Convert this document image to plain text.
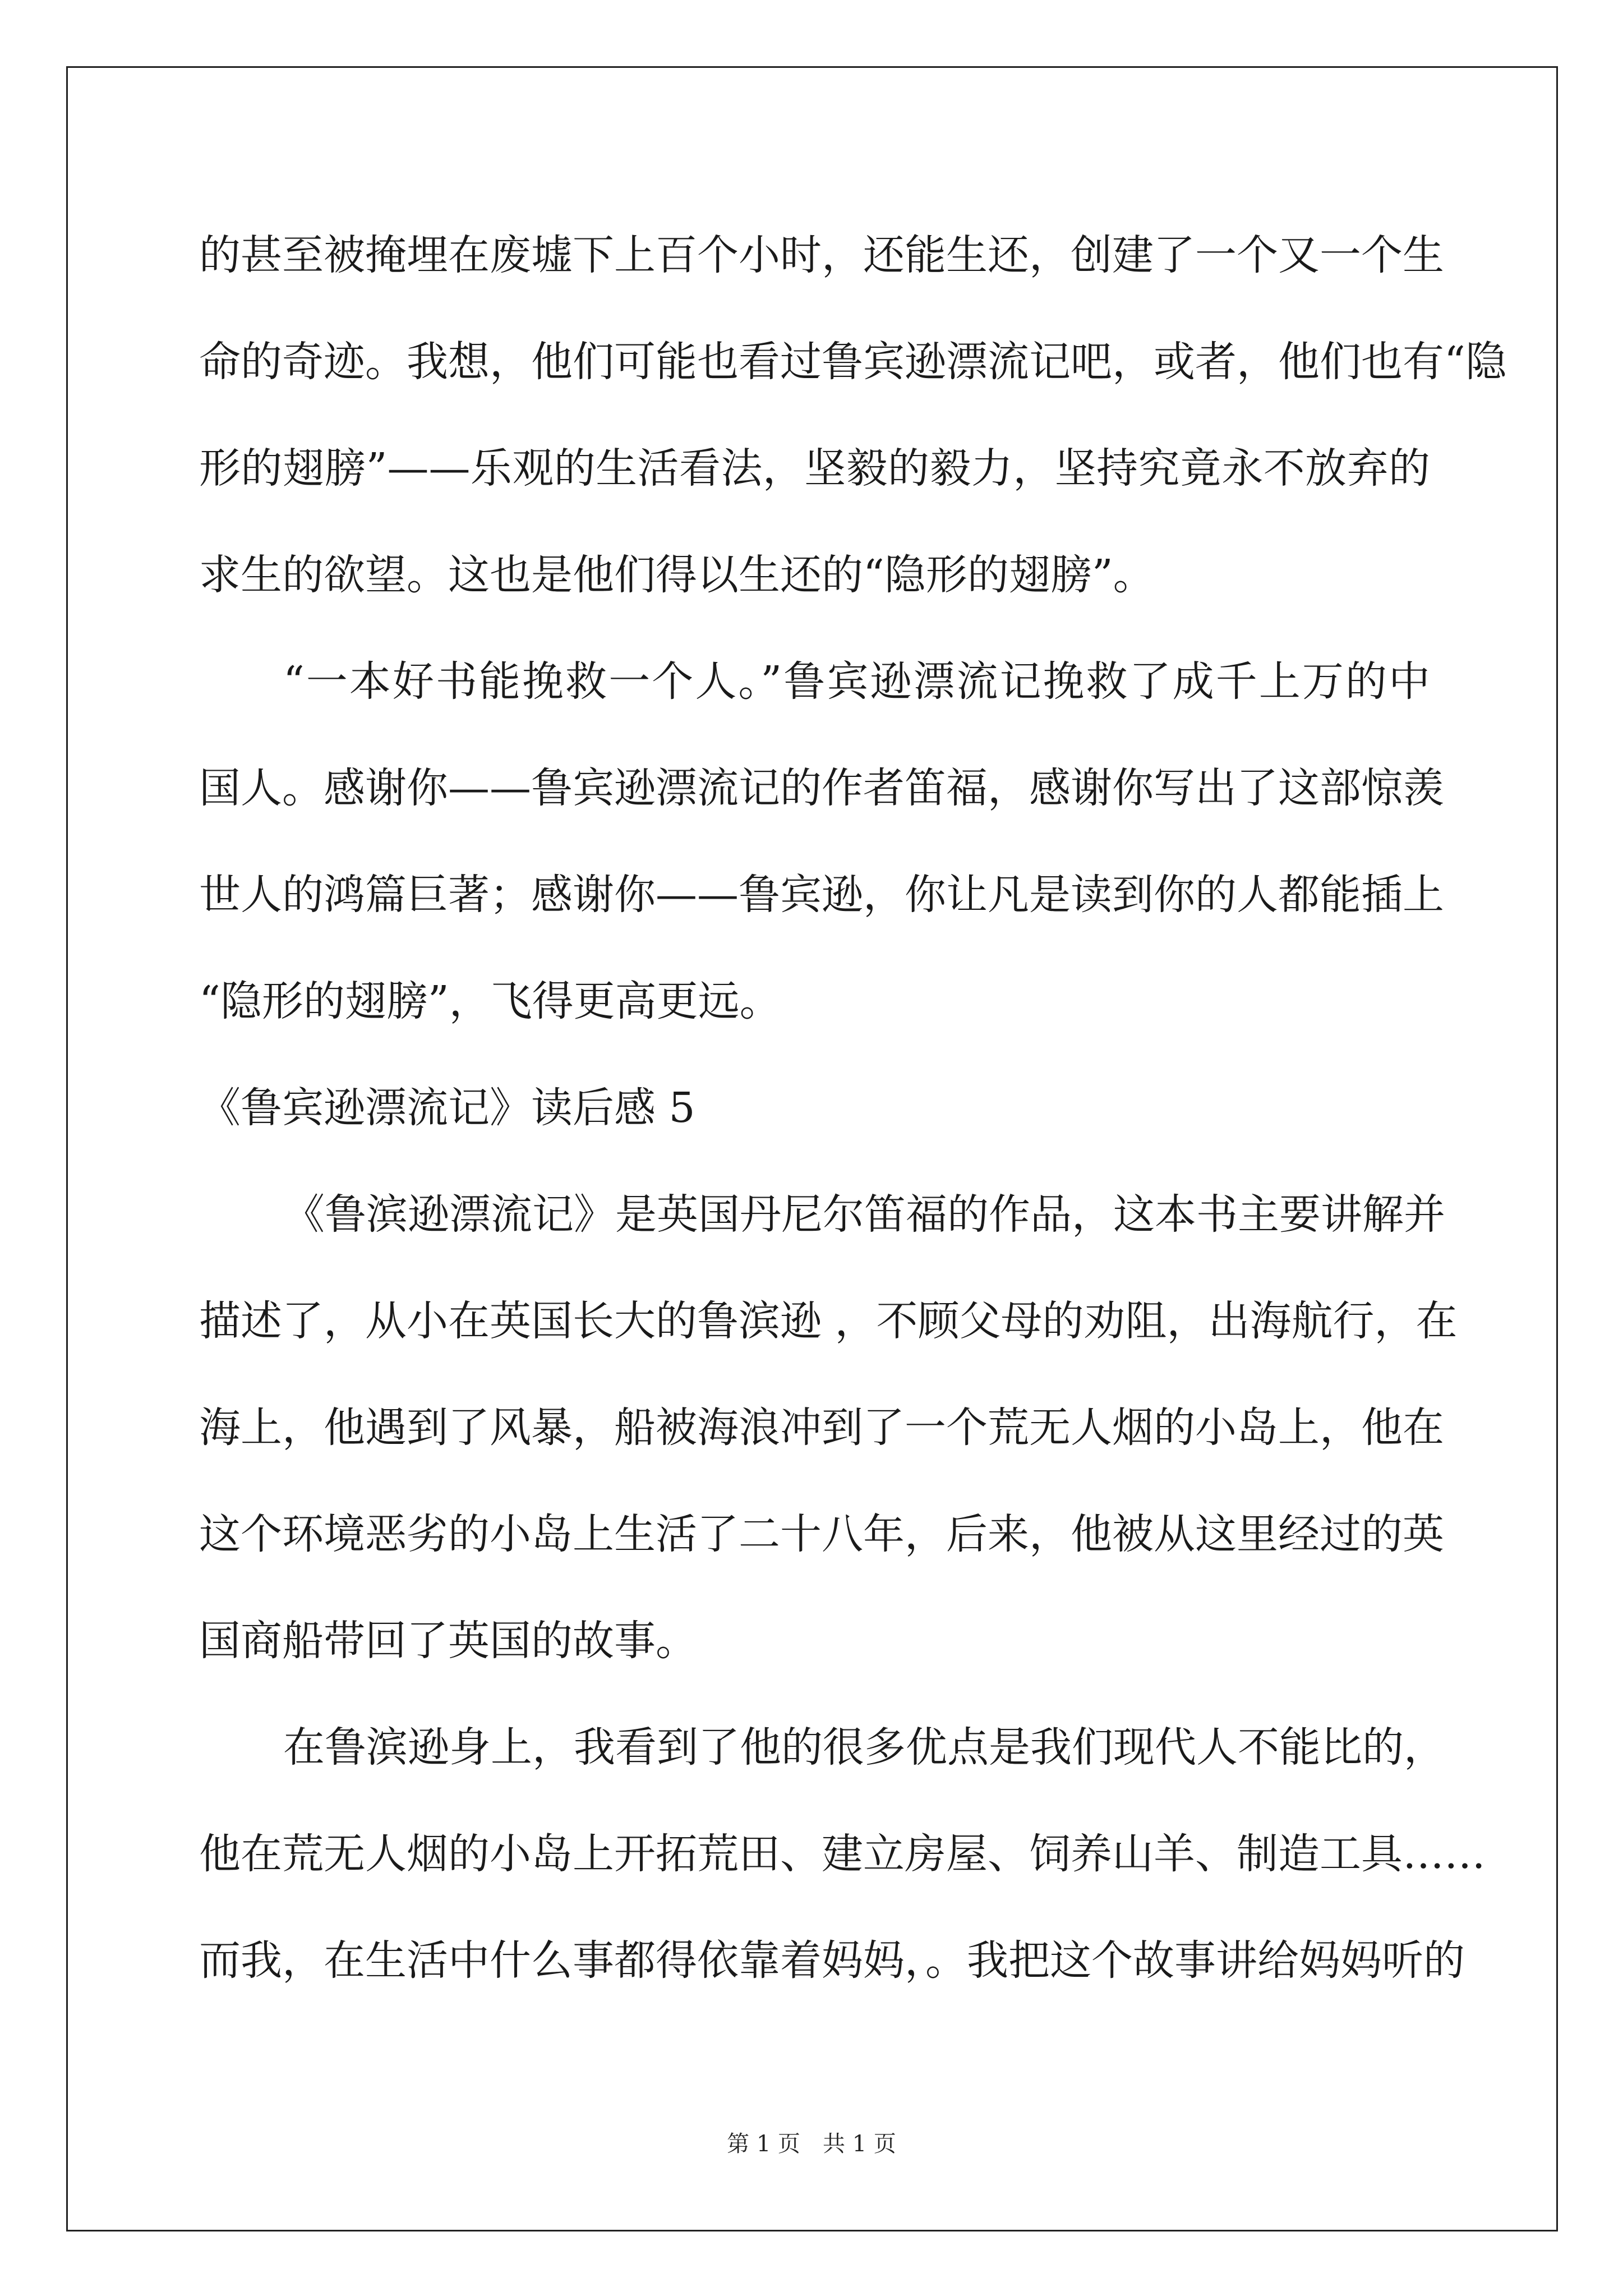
的甚至被掩埋在废墟下上百个小时，还能生还，创建了一个又一个生
命的奇迹。我想，他们可能也看过鲁宾逊漂流记吧，或者，他们也有“隐
形的翅膀”——乐观的生活看法，坚毅的毅力，坚持究竟永不放弃的
求生的欲望。这也是他们得以生还的“隐形的翅膀”。
“一本好书能挽救一个人。”鲁宾逊漂流记挽救了成千上万的中
国人。感谢你——鲁宾逊漂流记的作者笛福，感谢你写出了这部惊羡
世人的鸿篇巨著；感谢你——鲁宾逊，你让凡是读到你的人都能插上
“隐形的翅膀”，飞得更高更远。
《鲁宾逊漂流记》读后感 5
《鲁滨逊漂流记》是英国丹尼尔笛福的作品，这本书主要讲解并
描述了，从小在英国长大的鲁滨逊 ，不顾父母的劝阻，出海航行，在
海上，他遇到了风暴，船被海浪冲到了一个荒无人烟的小岛上，他在
这个环境恶劣的小岛上生活了二十八年，后来，他被从这里经过的英
国商船带回了英国的故事。
在鲁滨逊身上，我看到了他的很多优点是我们现代人不能比的，
他在荒无人烟的小岛上开拓荒田、建立房屋、饲养山羊、制造工具……
而我，在生活中什么事都得依靠着妈妈，。我把这个故事讲给妈妈听的
第 1 页　共 1 页
